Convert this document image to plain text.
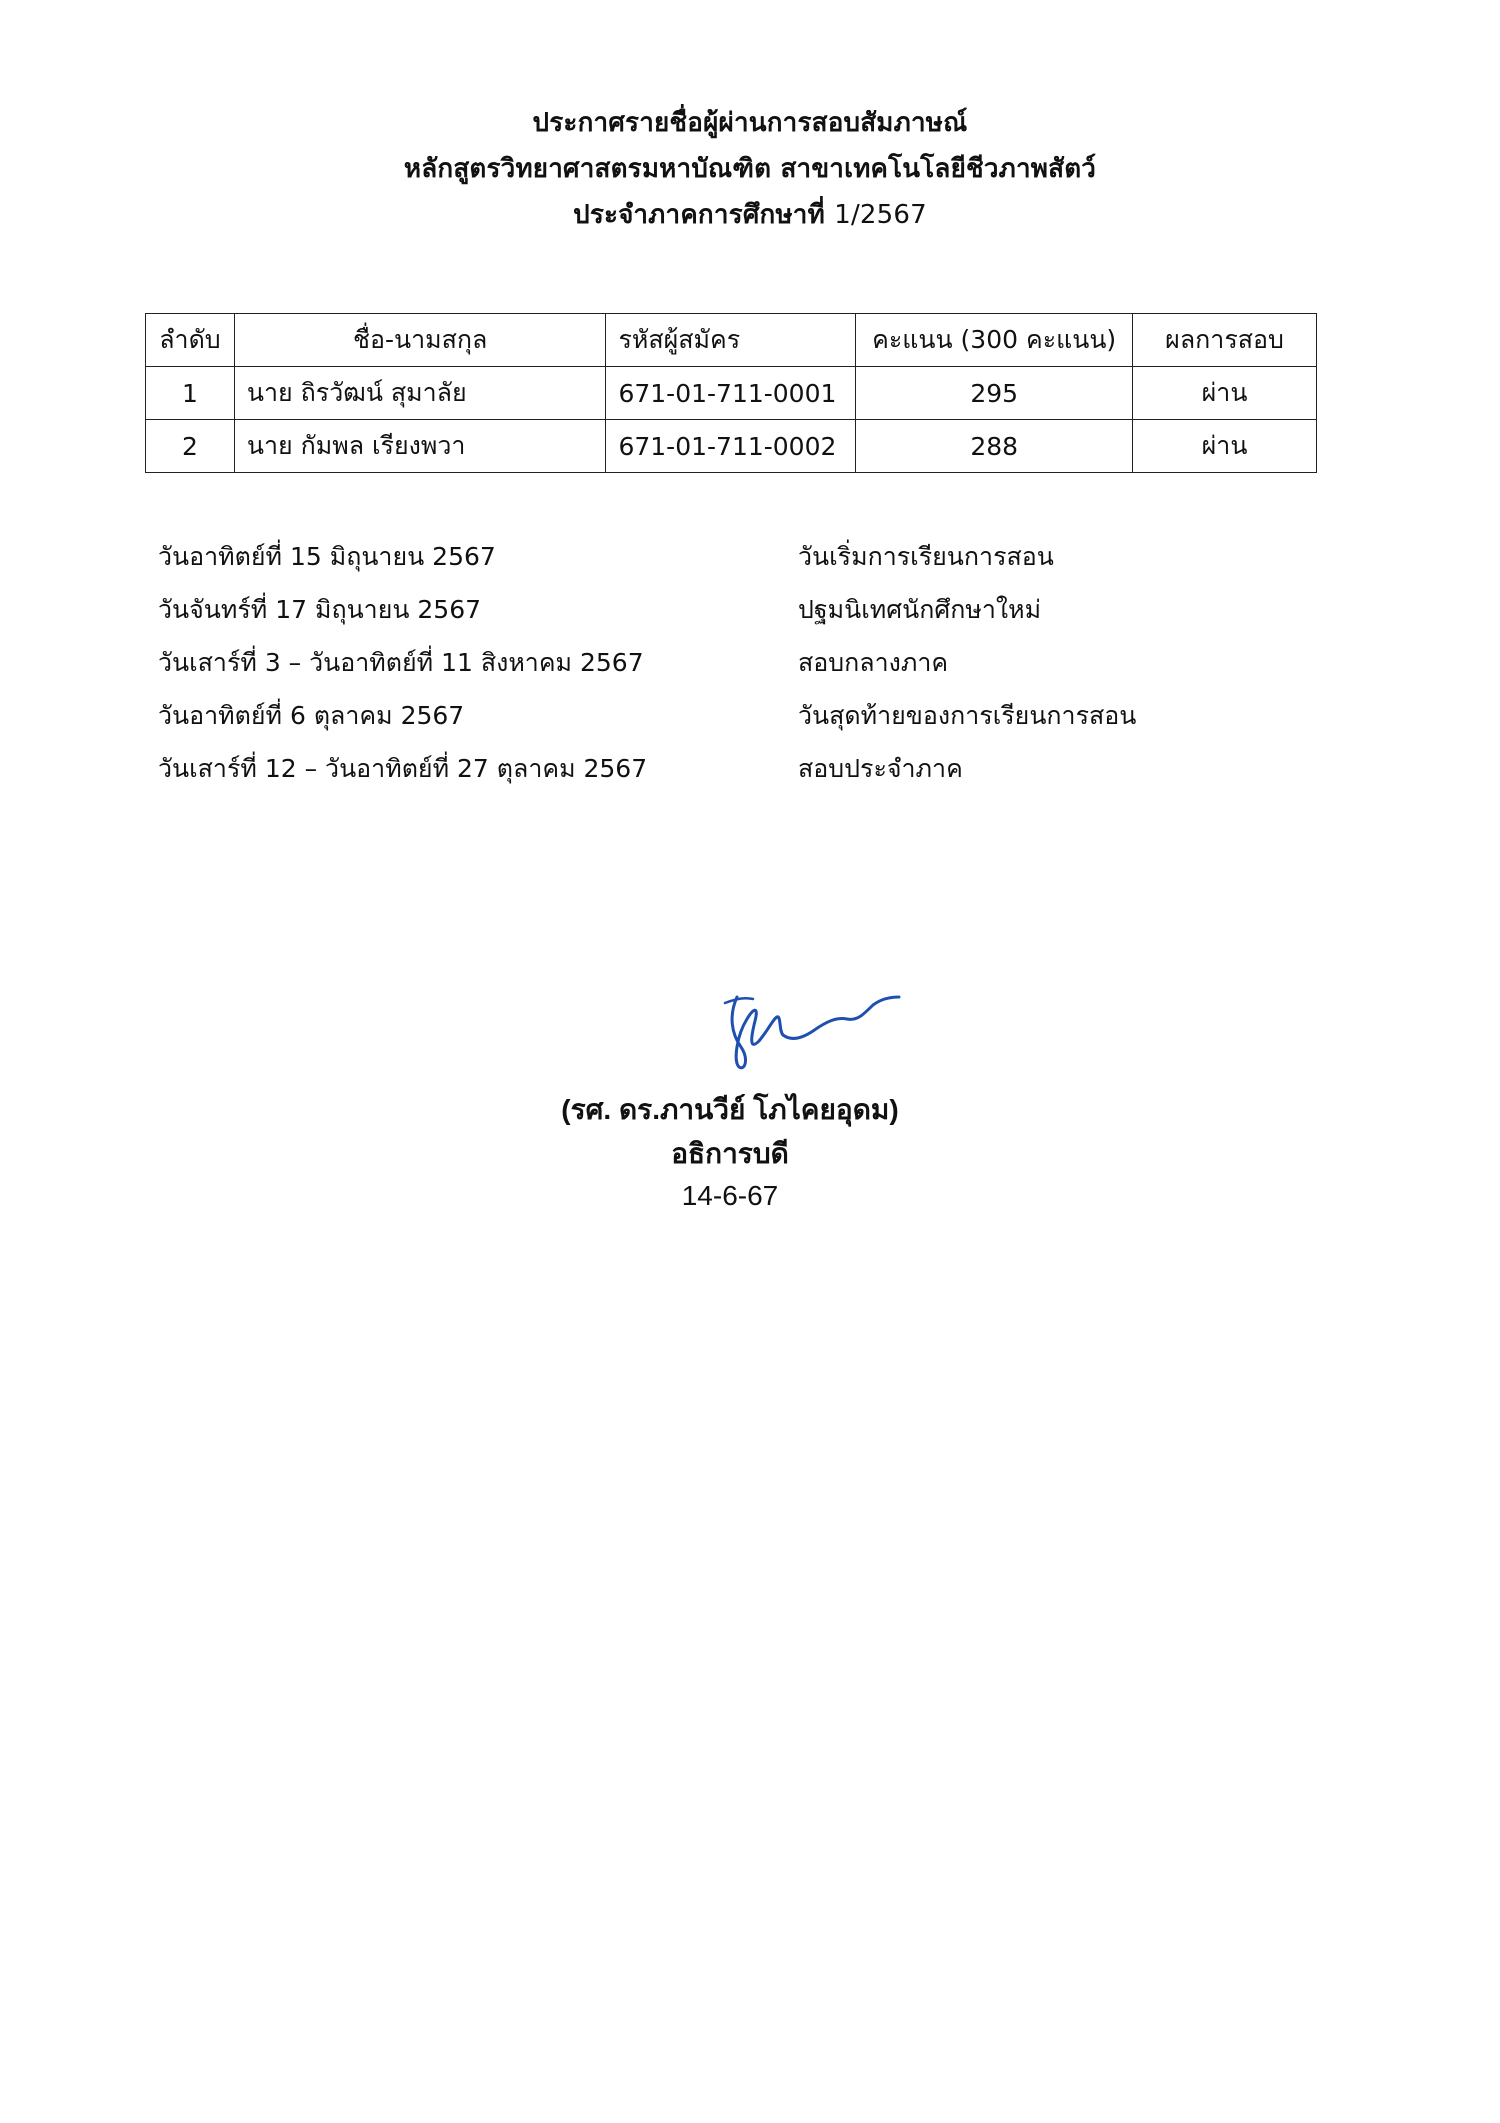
ประกาศรายชื่อผู้ผ่านการสอบสัมภาษณ์
หลักสูตรวิทยาศาสตรมหาบัณฑิต สาขาเทคโนโลยีชีวภาพสัตว์
ประจำภาคการศึกษาที่ 1/2567
ลำดับ	ชื่อ-นามสกุล	รหัสผู้สมัคร	คะแนน (300 คะแนน)	ผลการสอบ
1	นาย ถิรวัฒน์ สุมาลัย	671-01-711-0001	295	ผ่าน
2	นาย กัมพล เรียงพวา	671-01-711-0002	288	ผ่าน
วันอาทิตย์ที่ 15 มิถุนายน 2567	วันเริ่มการเรียนการสอน
วันจันทร์ที่ 17 มิถุนายน 2567	ปฐมนิเทศนักศึกษาใหม่
วันเสาร์ที่ 3 – วันอาทิตย์ที่ 11 สิงหาคม 2567	สอบกลางภาค
วันอาทิตย์ที่ 6 ตุลาคม 2567	วันสุดท้ายของการเรียนการสอน
วันเสาร์ที่ 12 – วันอาทิตย์ที่ 27 ตุลาคม 2567	สอบประจำภาค
(รศ. ดร.ภานวีย์ โภไคยอุดม)
อธิการบดี
14-6-67
